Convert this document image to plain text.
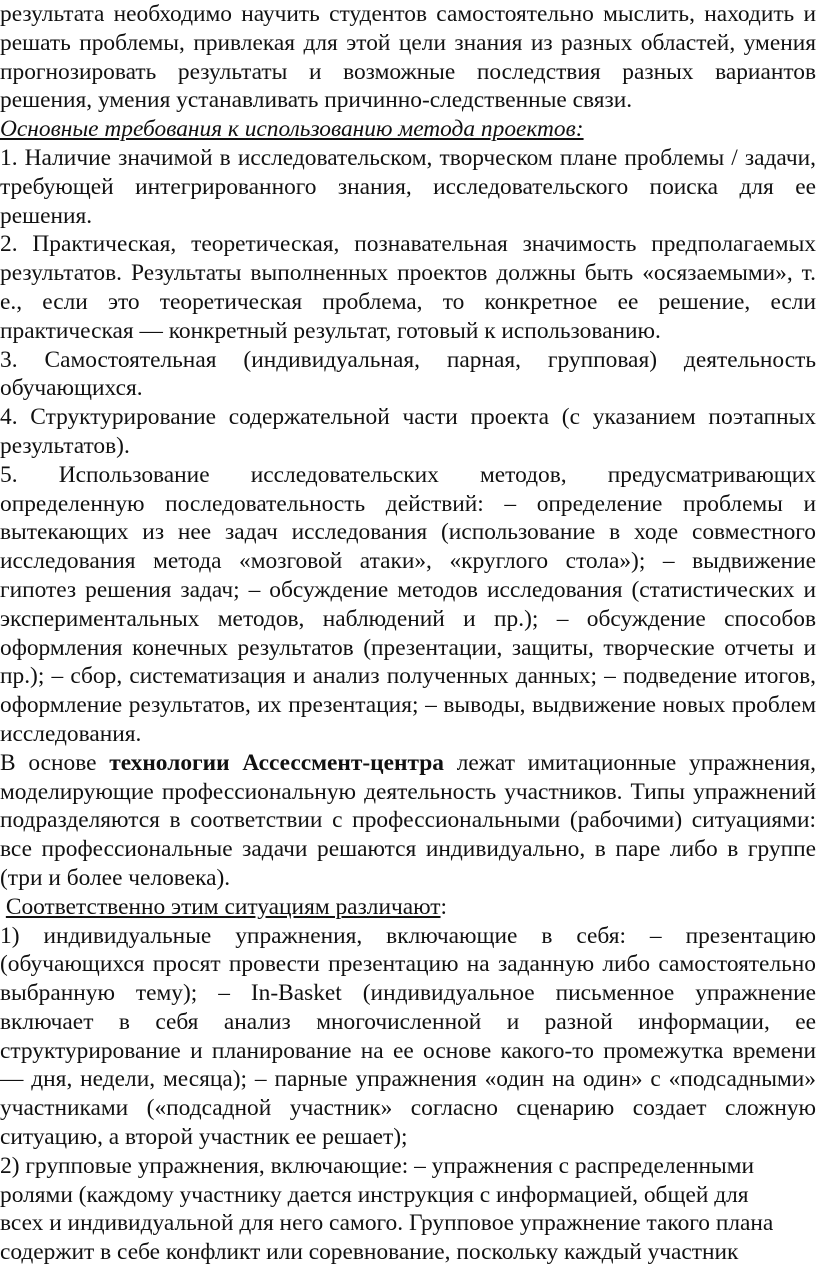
результата необходимо научить студентов самостоятельно мыслить, находить и решать проблемы, привлекая для этой цели знания из разных областей, умения прогнозировать результаты и возможные последствия разных вариантов решения, умения устанавливать причинно-следственные связи.

Основные требования к использованию метода проектов:

1. Наличие значимой в исследовательском, творческом плане проблемы / задачи, требующей интегрированного знания, исследовательского поиска для ее решения.

2. Практическая, теоретическая, познавательная значимость предполагаемых результатов. Результаты выполненных проектов должны быть «осязаемыми», т. е., если это теоретическая проблема, то конкретное ее решение, если практическая — конкретный результат, готовый к использованию.

3. Самостоятельная (индивидуальная, парная, групповая) деятельность обучающихся.

4. Структурирование содержательной части проекта (с указанием поэтапных результатов).

5. Использование исследовательских методов, предусматривающих определенную последовательность действий: – определение проблемы и вытекающих из нее задач исследования (использование в ходе совместного исследования метода «мозговой атаки», «круглого стола»); – выдвижение гипотез решения задач; – обсуждение методов исследования (статистических и экспериментальных методов, наблюдений и пр.); – обсуждение способов оформления конечных результатов (презентации, защиты, творческие отчеты и пр.); – сбор, систематизация и анализ полученных данных; – подведение итогов, оформление результатов, их презентация; – выводы, выдвижение новых проблем исследования.

В основе технологии Ассессмент-центра лежат имитационные упражнения, моделирующие профессиональную деятельность участников. Типы упражнений подразделяются в соответствии с профессиональными (рабочими) ситуациями: все профессиональные задачи решаются индивидуально, в паре либо в группе (три и более человека).

Соответственно этим ситуациям различают:

1) индивидуальные упражнения, включающие в себя: – презентацию (обучающихся просят провести презентацию на заданную либо самостоятельно выбранную тему); – In-Basket (индивидуальное письменное упражнение включает в себя анализ многочисленной и разной информации, ее структурирование и планирование на ее основе какого-то промежутка времени — дня, недели, месяца); – парные упражнения «один на один» с «подсадными» участниками («подсадной участник» согласно сценарию создает сложную ситуацию, а второй участник ее решает);

2) групповые упражнения, включающие: – упражнения с распределенными
ролями (каждому участнику дается инструкция с информацией, общей для
всех и индивидуальной для него самого. Групповое упражнение такого плана
содержит в себе конфликт или соревнование, поскольку каждый участник
